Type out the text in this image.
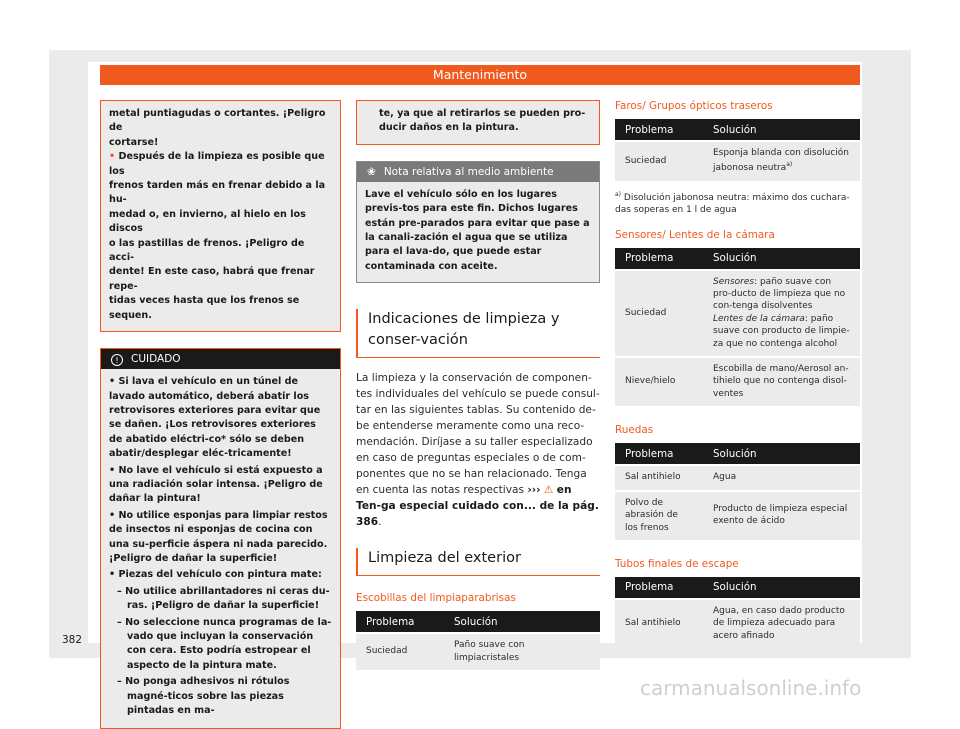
Mantenimiento
metal puntiagudas o cortantes. ¡Peligro de
cortarse!
• Después de la limpieza es posible que los
frenos tarden más en frenar debido a la hu-
medad o, en invierno, al hielo en los discos
o las pastillas de frenos. ¡Peligro de acci-
dente! En este caso, habrá que frenar repe-
tidas veces hasta que los frenos se sequen.
! CUIDADO

• Si lava el vehículo en un túnel de lavado automático, deberá abatir los retrovisores exteriores para evitar que se dañen. ¡Los retrovisores exteriores de abatido eléctri-co* sólo se deben abatir/desplegar eléc-tricamente!

• No lave el vehículo si está expuesto a una radiación solar intensa. ¡Peligro de dañar la pintura!

• No utilice esponjas para limpiar restos de insectos ni esponjas de cocina con una su-perficie áspera ni nada parecido. ¡Peligro de dañar la superficie!

• Piezas del vehículo con pintura mate:

– No utilice abrillantadores ni ceras du-ras. ¡Peligro de dañar la superficie!

– No seleccione nunca programas de la-vado que incluyan la conservación con cera. Esto podría estropear el aspecto de la pintura mate.

– No ponga adhesivos ni rótulos magné-ticos sobre las piezas pintadas en ma-

te, ya que al retirarlos se pueden pro-ducir daños en la pintura.
❀ Nota relativa al medio ambiente
Lave el vehículo sólo en los lugares previs-tos para este fin. Dichos lugares están pre-parados para evitar que pase a la canali-zación el agua que se utiliza para el lava-do, que puede estar contaminada con aceite.
Indicaciones de limpieza y conser-vación
La limpieza y la conservación de componen-tes individuales del vehículo se puede consul-tar en las siguientes tablas. Su contenido de-be entenderse meramente como una reco-mendación. Diríjase a su taller especializado en caso de preguntas especiales o de com-ponentes que no se han relacionado. Tenga en cuenta las notas respectivas ››› ⚠ en Ten-ga especial cuidado con... de la pág. 386.
Limpieza del exterior
Escobillas del limpiaparabrisas
Problema	Solución
Suciedad	Paño suave con limpiacristales
Faros/ Grupos ópticos traseros
Problema	Solución
Suciedad	Esponja blanda con disolución jabonosa neutra$^{a)}$
$^{a)}$ Disolución jabonosa neutra: máximo dos cuchara-das soperas en 1 l de agua
Sensores/ Lentes de la cámara
Problema	Solución
Suciedad	Sensores: paño suave con pro-ducto de limpieza que no con-tenga disolventes
Lentes de la cámara: paño suave con producto de limpie-za que no contenga alcohol
Nieve/hielo	Escobilla de mano/Aerosol an-tihielo que no contenga disol-ventes
Ruedas
Problema	Solución
Sal antihielo	Agua
Polvo de abrasión de los frenos	Producto de limpieza especial exento de ácido
Tubos finales de escape
Problema	Solución
Sal antihielo	Agua, en caso dado producto de limpieza adecuado para acero afinado
382
carmanualsonline.info
